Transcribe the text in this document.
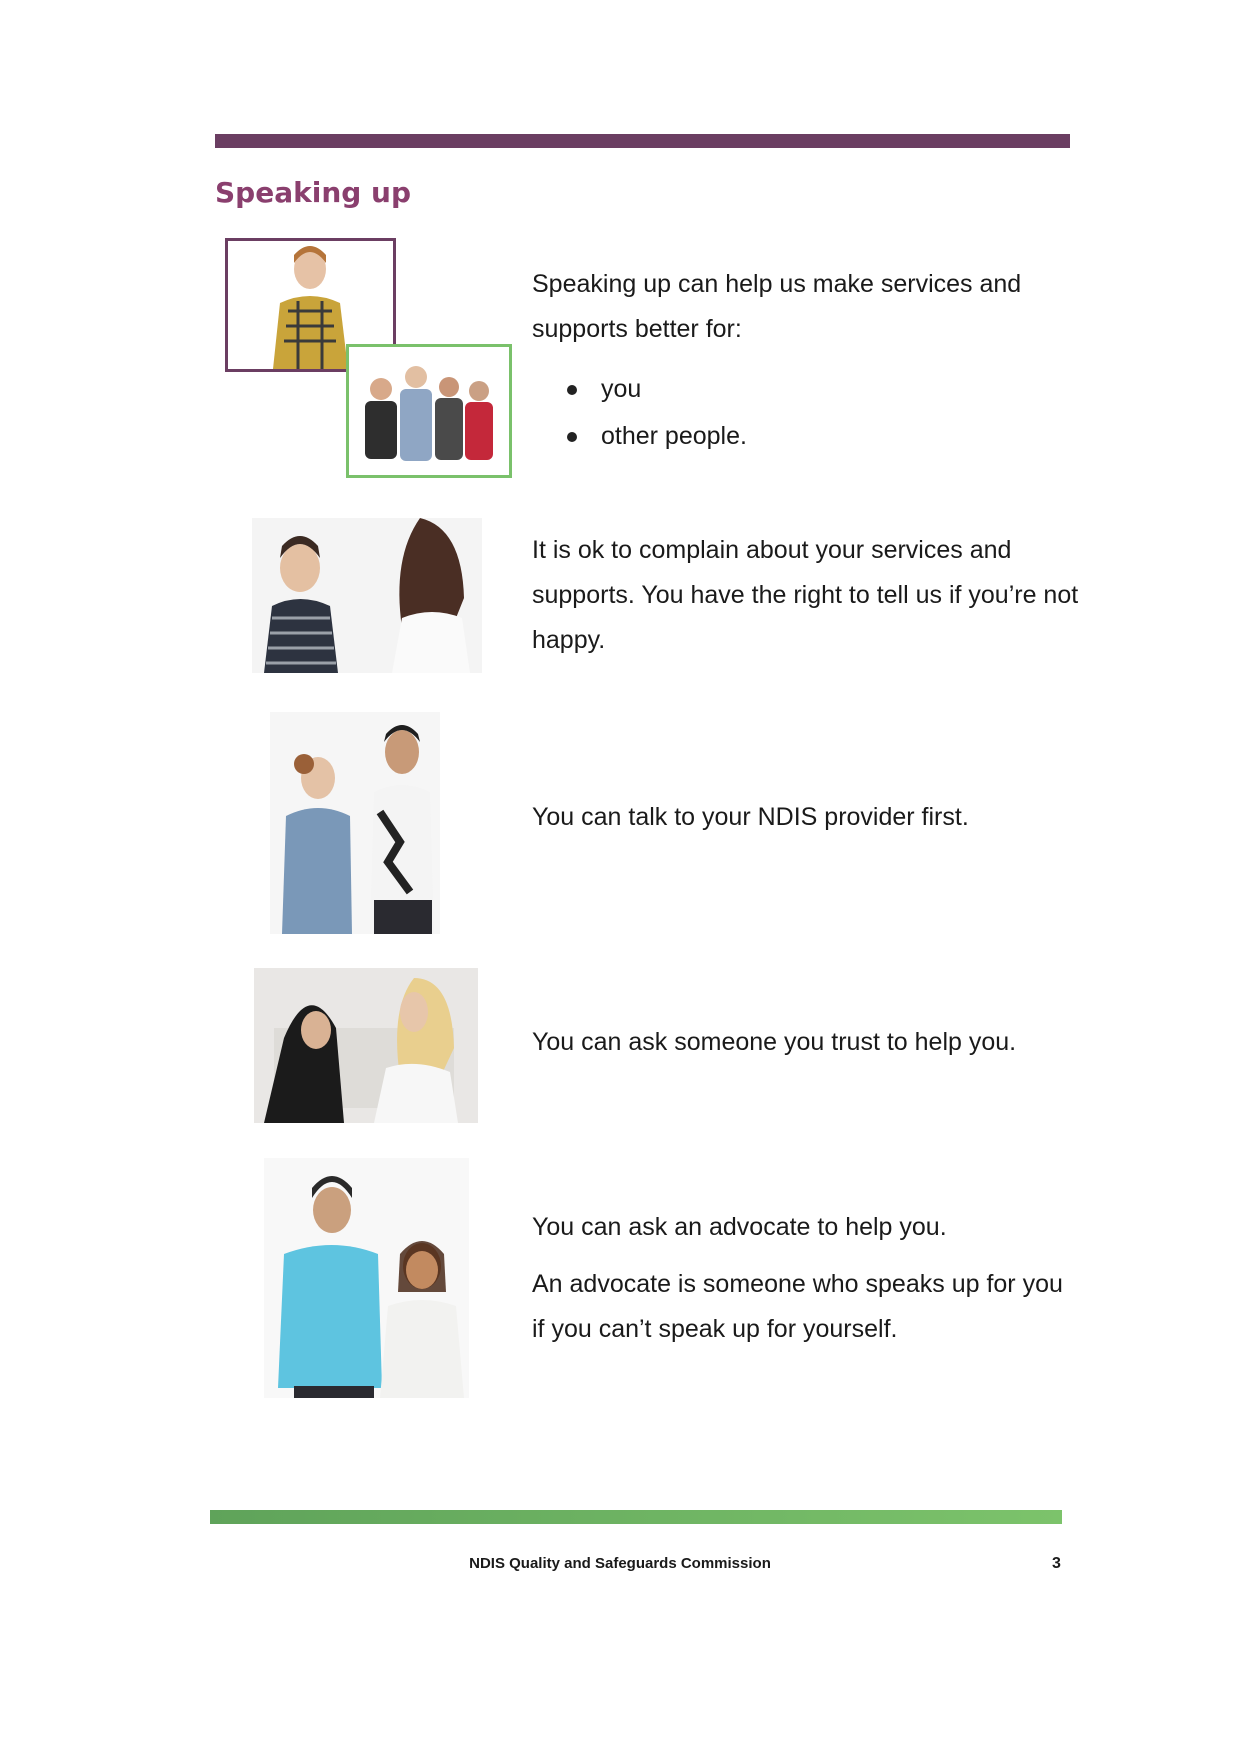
Speaking up

Speaking up can help us make services and supports better for:

you
other people.

It is ok to complain about your services and supports. You have the right to tell us if you’re not happy.

You can talk to your NDIS provider first.

You can ask someone you trust to help you.

You can ask an advocate to help you.

An advocate is someone who speaks up for you if you can’t speak up for yourself.

NDIS Quality and Safeguards Commission	3
